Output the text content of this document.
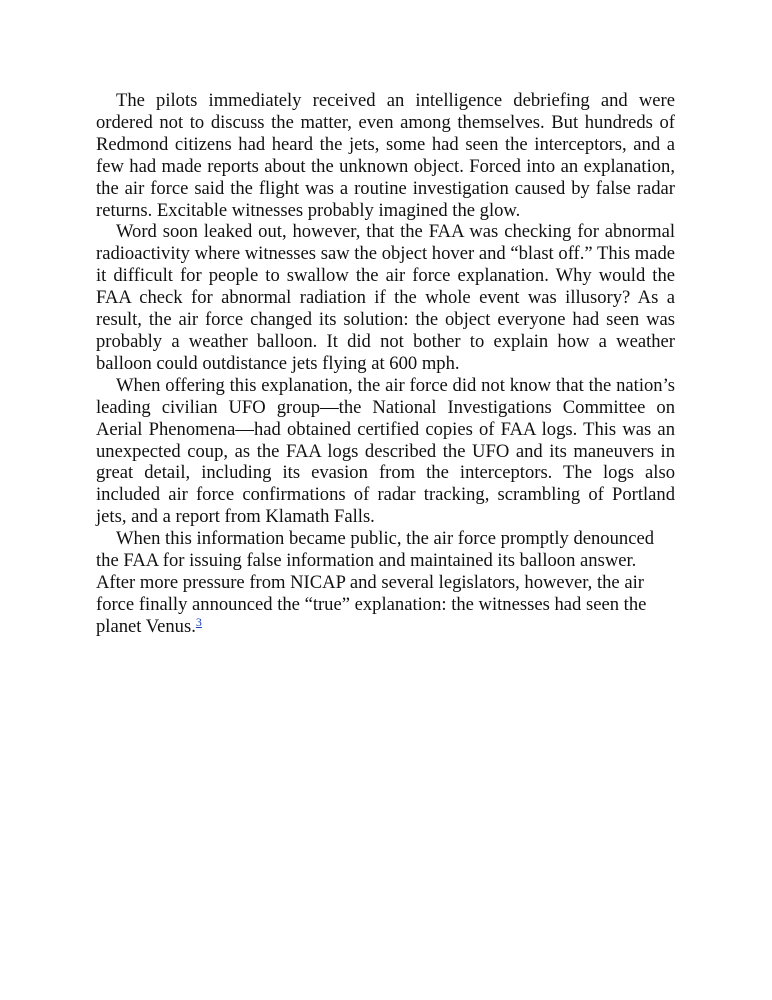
The pilots immediately received an intelligence debriefing and were ordered not to discuss the matter, even among themselves. But hundreds of Redmond citizens had heard the jets, some had seen the interceptors, and a few had made reports about the unknown object. Forced into an explanation, the air force said the flight was a routine investigation caused by false radar returns. Excitable witnesses probably imagined the glow.

Word soon leaked out, however, that the FAA was checking for abnormal radioactivity where witnesses saw the object hover and “blast off.” This made it difficult for people to swallow the air force explanation. Why would the FAA check for abnormal radiation if the whole event was illusory? As a result, the air force changed its solution: the object everyone had seen was probably a weather balloon. It did not bother to explain how a weather balloon could outdistance jets flying at 600 mph.

When offering this explanation, the air force did not know that the nation’s leading civilian UFO group—the National Investigations Committee on Aerial Phenomena—had obtained certified copies of FAA logs. This was an unexpected coup, as the FAA logs described the UFO and its maneuvers in great detail, including its evasion from the interceptors. The logs also included air force confirmations of radar tracking, scrambling of Portland jets, and a report from Klamath Falls.

When this information became public, the air force promptly denounced the FAA for issuing false information and maintained its balloon answer. After more pressure from NICAP and several legislators, however, the air force finally announced the “true” explanation: the witnesses had seen the planet Venus.$^3$
